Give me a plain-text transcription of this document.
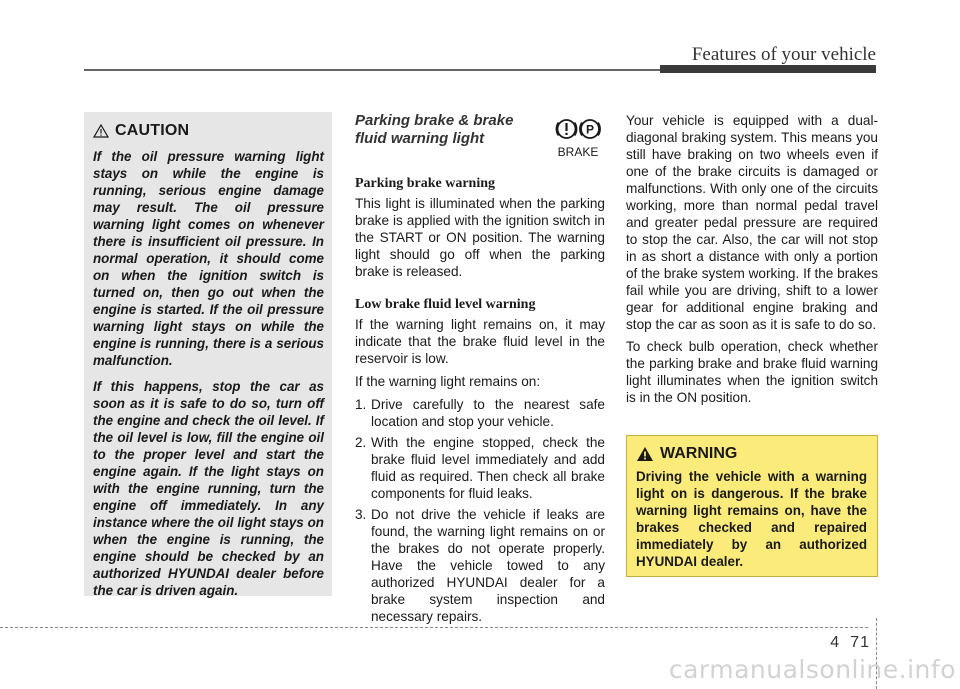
Features of your vehicle
CAUTION

If the oil pressure warning light stays on while the engine is running, serious engine damage may result. The oil pressure warning light comes on whenever there is insufficient oil pressure. In normal operation, it should come on when the ignition switch is turned on, then go out when the engine is started. If the oil pressure warning light stays on while the engine is running, there is a serious malfunction.

If this happens, stop the car as soon as it is safe to do so, turn off the engine and check the oil level. If the oil level is low, fill the engine oil to the proper level and start the engine again. If the light stays on with the engine running, turn the engine off immediately. In any instance where the oil light stays on when the engine is running, the engine should be checked by an authorized HYUNDAI dealer before the car is driven again.

Parking brake & brake fluid warning light
P
BRAKE
Parking brake warning

This light is illuminated when the parking brake is applied with the ignition switch in the START or ON position. The warning light should go off when the parking brake is released.

Low brake fluid level warning

If the warning light remains on, it may indicate that the brake fluid level in the reservoir is low.

If the warning light remains on:

1. Drive carefully to the nearest safe location and stop your vehicle.
2. With the engine stopped, check the brake fluid level immediately and add fluid as required. Then check all brake components for fluid leaks.
3. Do not drive the vehicle if leaks are found, the warning light remains on or the brakes do not operate properly. Have the vehicle towed to any authorized HYUNDAI dealer for a brake system inspection and necessary repairs.

Your vehicle is equipped with a dual-diagonal braking system. This means you still have braking on two wheels even if one of the brake circuits is damaged or malfunctions. With only one of the circuits working, more than normal pedal travel and greater pedal pressure are required to stop the car. Also, the car will not stop in as short a distance with only a portion of the brake system working. If the brakes fail while you are driving, shift to a lower gear for additional engine braking and stop the car as soon as it is safe to do so.

To check bulb operation, check whether the parking brake and brake fluid warning light illuminates when the ignition switch is in the ON position.

WARNING

Driving the vehicle with a warning light on is dangerous. If the brake warning light remains on, have the brakes checked and repaired immediately by an authorized HYUNDAI dealer.

4 71
carmanualsonline.info
